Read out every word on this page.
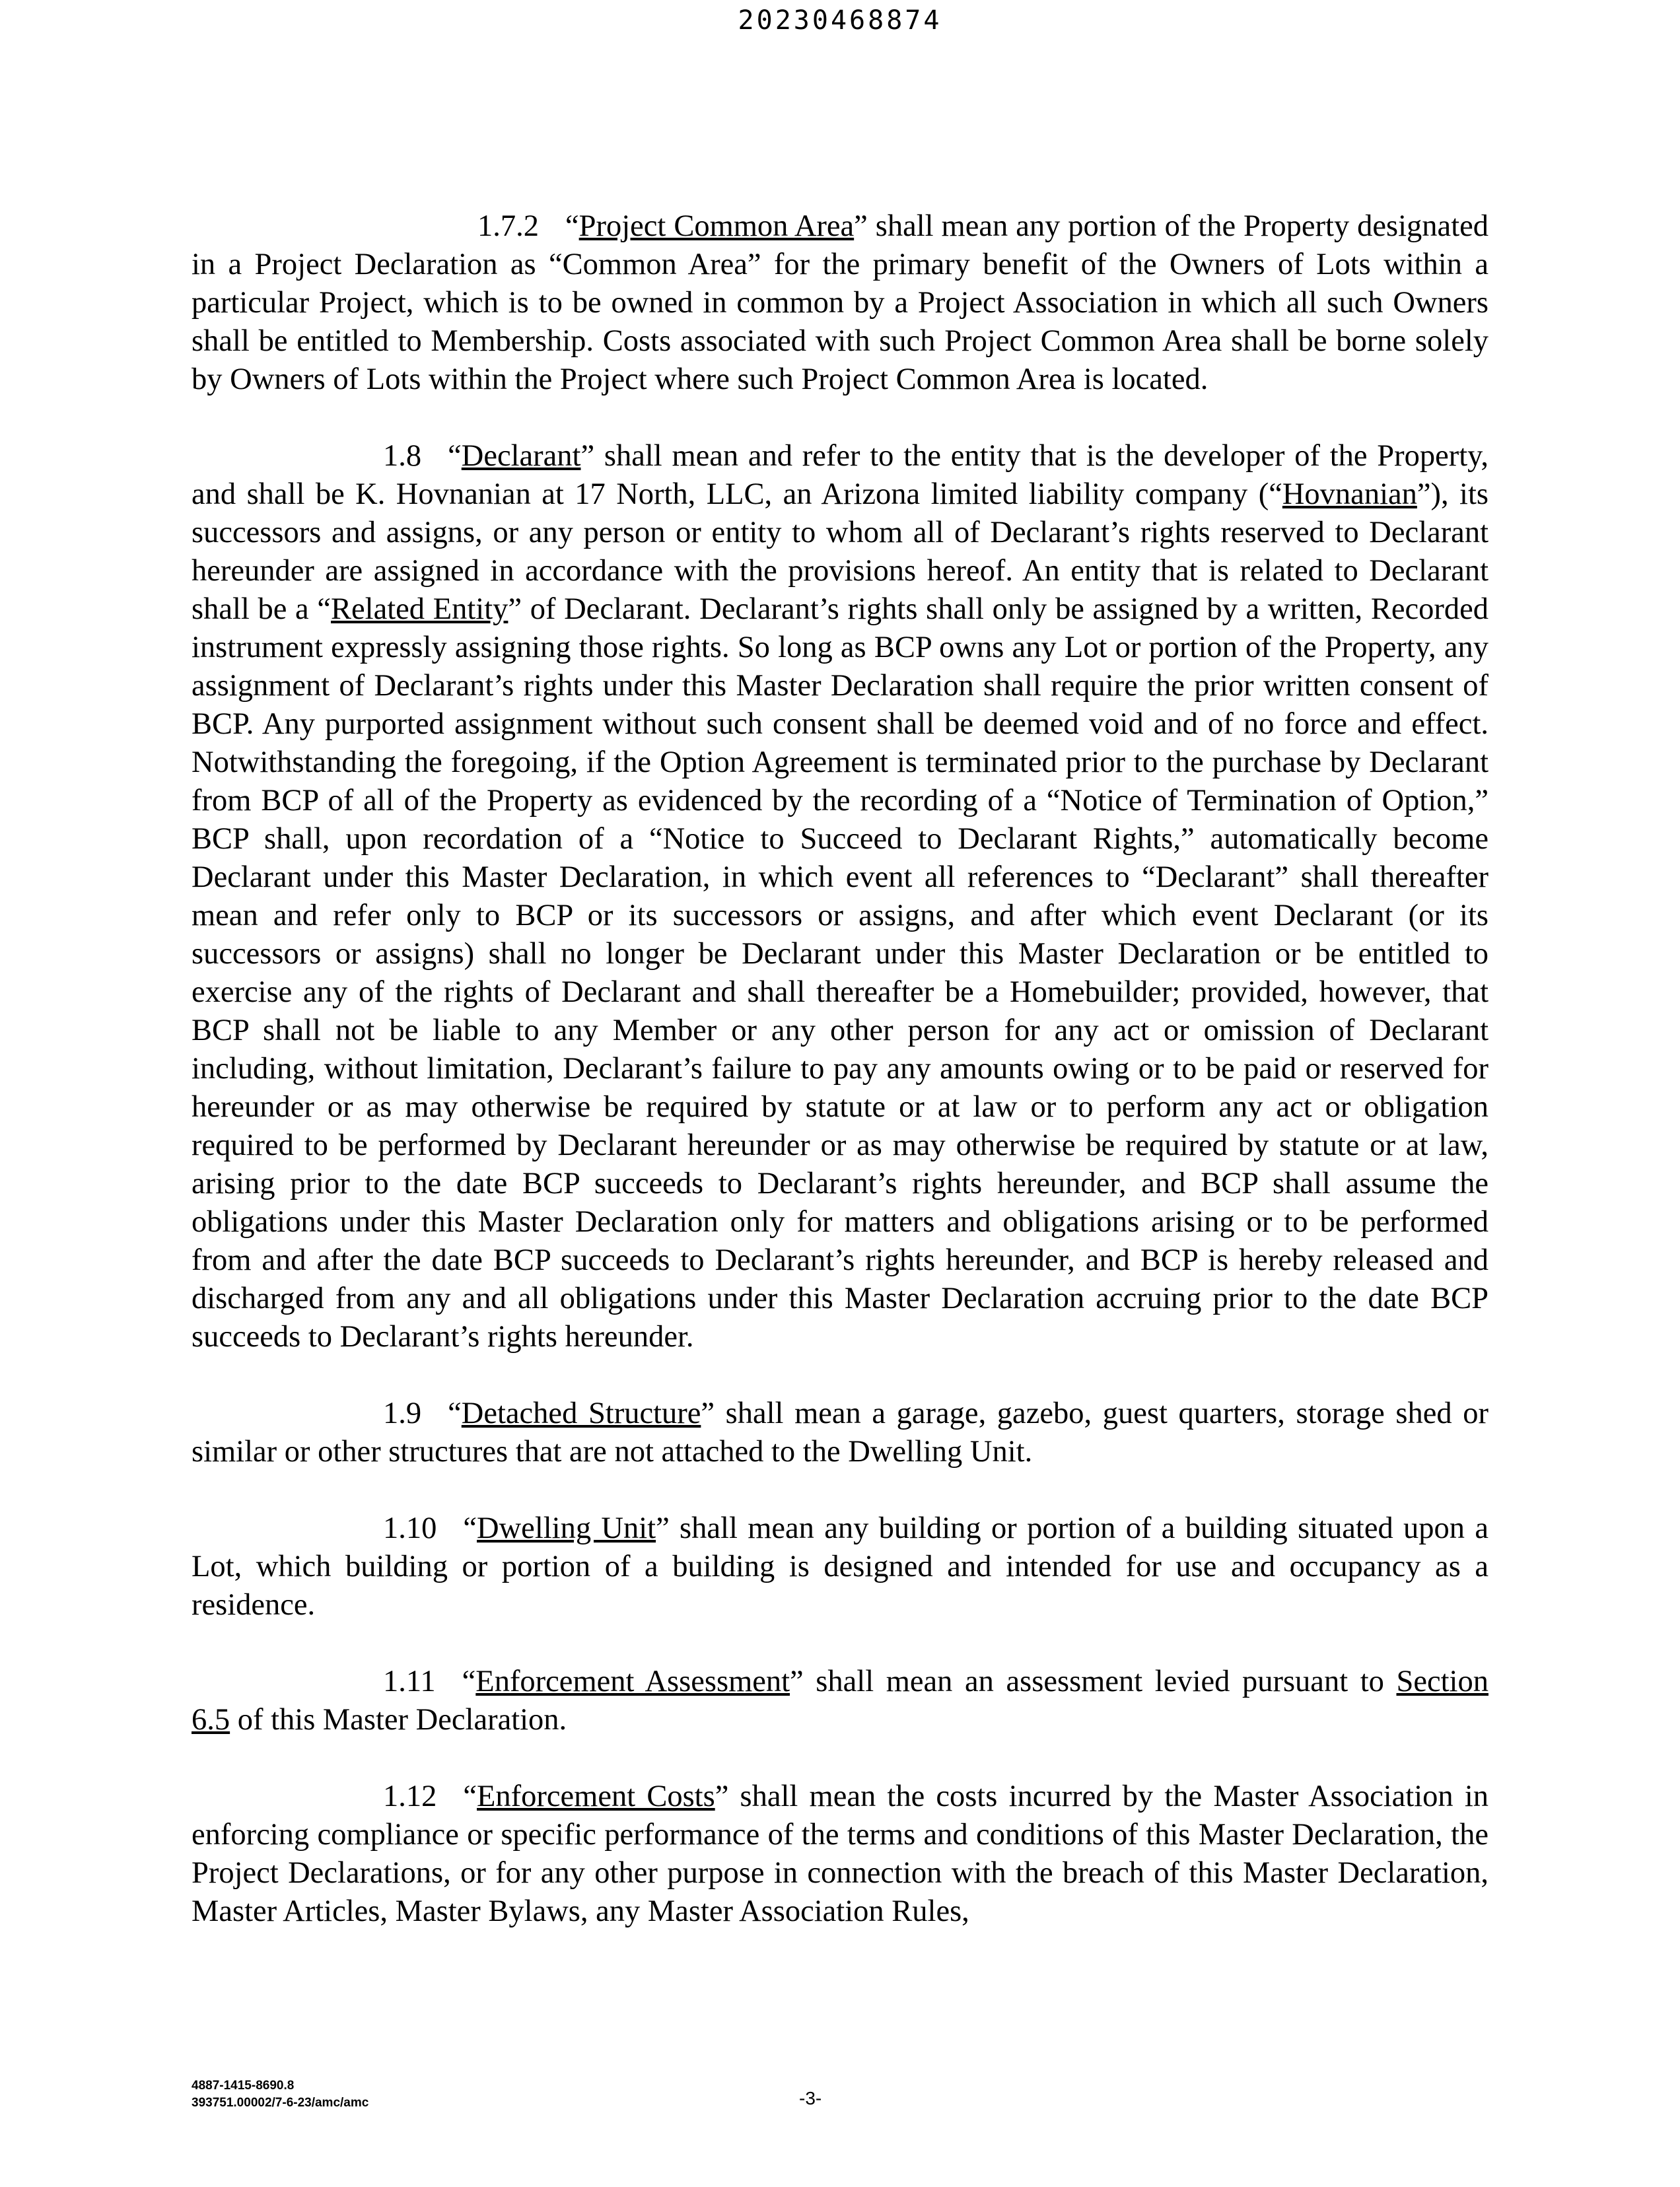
20230468874

1.7.2 “Project Common Area” shall mean any portion of the Property designated in a Project Declaration as “Common Area” for the primary benefit of the Owners of Lots within a particular Project, which is to be owned in common by a Project Association in which all such Owners shall be entitled to Membership. Costs associated with such Project Common Area shall be borne solely by Owners of Lots within the Project where such Project Common Area is located.

1.8 “Declarant” shall mean and refer to the entity that is the developer of the Property, and shall be K. Hovnanian at 17 North, LLC, an Arizona limited liability company (“Hovnanian”), its successors and assigns, or any person or entity to whom all of Declarant’s rights reserved to Declarant hereunder are assigned in accordance with the provisions hereof. An entity that is related to Declarant shall be a “Related Entity” of Declarant. Declarant’s rights shall only be assigned by a written, Recorded instrument expressly assigning those rights. So long as BCP owns any Lot or portion of the Property, any assignment of Declarant’s rights under this Master Declaration shall require the prior written consent of BCP. Any purported assignment without such consent shall be deemed void and of no force and effect. Notwithstanding the foregoing, if the Option Agreement is terminated prior to the purchase by Declarant from BCP of all of the Property as evidenced by the recording of a “Notice of Termination of Option,” BCP shall, upon recordation of a “Notice to Succeed to Declarant Rights,” automatically become Declarant under this Master Declaration, in which event all references to “Declarant” shall thereafter mean and refer only to BCP or its successors or assigns, and after which event Declarant (or its successors or assigns) shall no longer be Declarant under this Master Declaration or be entitled to exercise any of the rights of Declarant and shall thereafter be a Homebuilder; provided, however, that BCP shall not be liable to any Member or any other person for any act or omission of Declarant including, without limitation, Declarant’s failure to pay any amounts owing or to be paid or reserved for hereunder or as may otherwise be required by statute or at law or to perform any act or obligation required to be performed by Declarant hereunder or as may otherwise be required by statute or at law, arising prior to the date BCP succeeds to Declarant’s rights hereunder, and BCP shall assume the obligations under this Master Declaration only for matters and obligations arising or to be performed from and after the date BCP succeeds to Declarant’s rights hereunder, and BCP is hereby released and discharged from any and all obligations under this Master Declaration accruing prior to the date BCP succeeds to Declarant’s rights hereunder.

1.9 “Detached Structure” shall mean a garage, gazebo, guest quarters, storage shed or similar or other structures that are not attached to the Dwelling Unit.

1.10 “Dwelling Unit” shall mean any building or portion of a building situated upon a Lot, which building or portion of a building is designed and intended for use and occupancy as a residence.

1.11 “Enforcement Assessment” shall mean an assessment levied pursuant to Section 6.5 of this Master Declaration.

1.12 “Enforcement Costs” shall mean the costs incurred by the Master Association in enforcing compliance or specific performance of the terms and conditions of this Master Declaration, the Project Declarations, or for any other purpose in connection with the breach of this Master Declaration, Master Articles, Master Bylaws, any Master Association Rules,

4887-1415-8690.8
393751.00002/7-6-23/amc/amc	-3-
